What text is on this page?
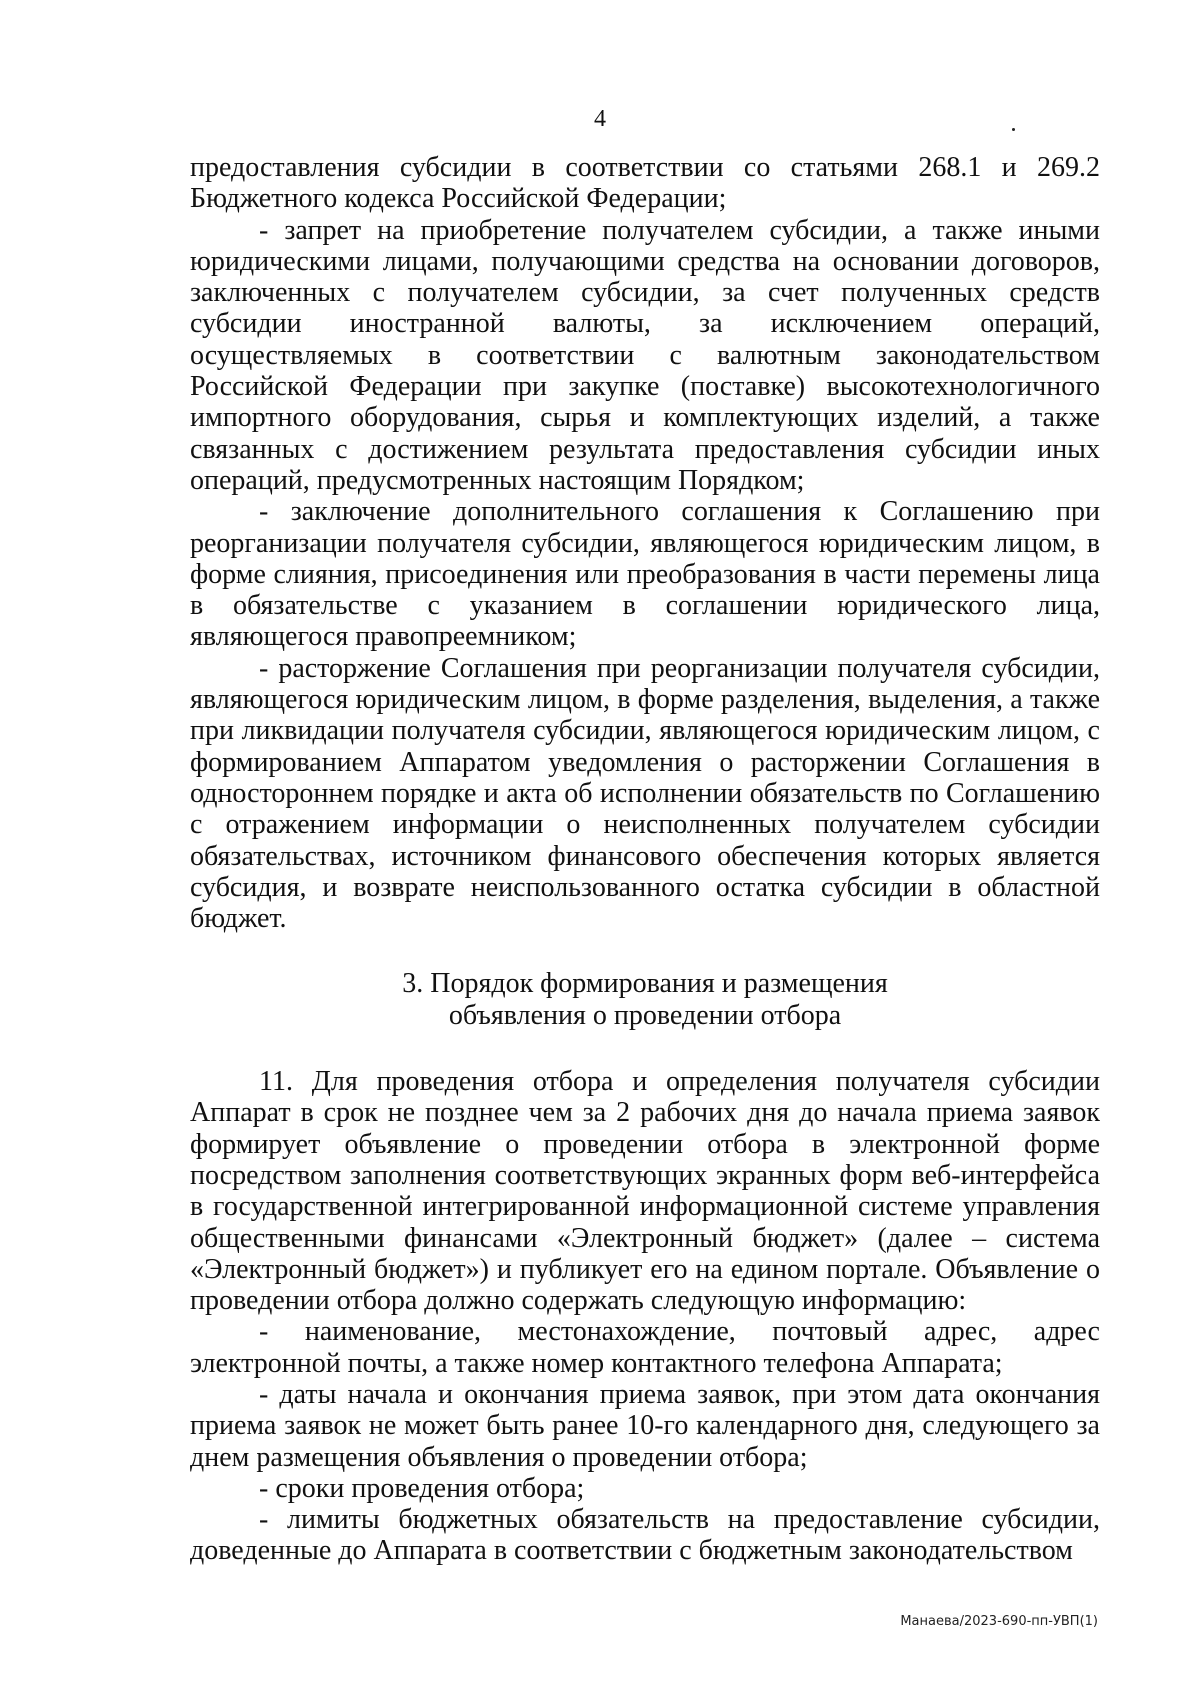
4

предоставления субсидии в соответствии со статьями 268.1 и 269.2 Бюджетного кодекса Российской Федерации;

- запрет на приобретение получателем субсидии, а также иными юридическими лицами, получающими средства на основании договоров, заключенных с получателем субсидии, за счет полученных средств субсидии иностранной валюты, за исключением операций, осуществляемых в соответствии с валютным законодательством Российской Федерации при закупке (поставке) высокотехнологичного импортного оборудования, сырья и комплектующих изделий, а также связанных с достижением результата предоставления субсидии иных операций, предусмотренных настоящим Порядком;

- заключение дополнительного соглашения к Соглашению при реорганизации получателя субсидии, являющегося юридическим лицом, в форме слияния, присоединения или преобразования в части перемены лица в обязательстве с указанием в соглашении юридического лица, являющегося правопреемником;

- расторжение Соглашения при реорганизации получателя субсидии, являющегося юридическим лицом, в форме разделения, выделения, а также при ликвидации получателя субсидии, являющегося юридическим лицом, с формированием Аппаратом уведомления о расторжении Соглашения в одностороннем порядке и акта об исполнении обязательств по Соглашению с отражением информации о неисполненных получателем субсидии обязательствах, источником финансового обеспечения которых является субсидия, и возврате неиспользованного остатка субсидии в областной бюджет.

3. Порядок формирования и размещения
объявления о проведении отбора

11. Для проведения отбора и определения получателя субсидии Аппарат в срок не позднее чем за 2 рабочих дня до начала приема заявок формирует объявление о проведении отбора в электронной форме посредством заполнения соответствующих экранных форм веб-интерфейса в государственной интегрированной информационной системе управления общественными финансами «Электронный бюджет» (далее – система «Электронный бюджет») и публикует его на едином портале. Объявление о проведении отбора должно содержать следующую информацию:

- наименование, местонахождение, почтовый адрес, адрес электронной почты, а также номер контактного телефона Аппарата;

- даты начала и окончания приема заявок, при этом дата окончания приема заявок не может быть ранее 10-го календарного дня, следующего за днем размещения объявления о проведении отбора;

- сроки проведения отбора;

- лимиты бюджетных обязательств на предоставление субсидии, доведенные до Аппарата в соответствии с бюджетным законодательством

Манаева/2023-690-пп-УВП(1)
